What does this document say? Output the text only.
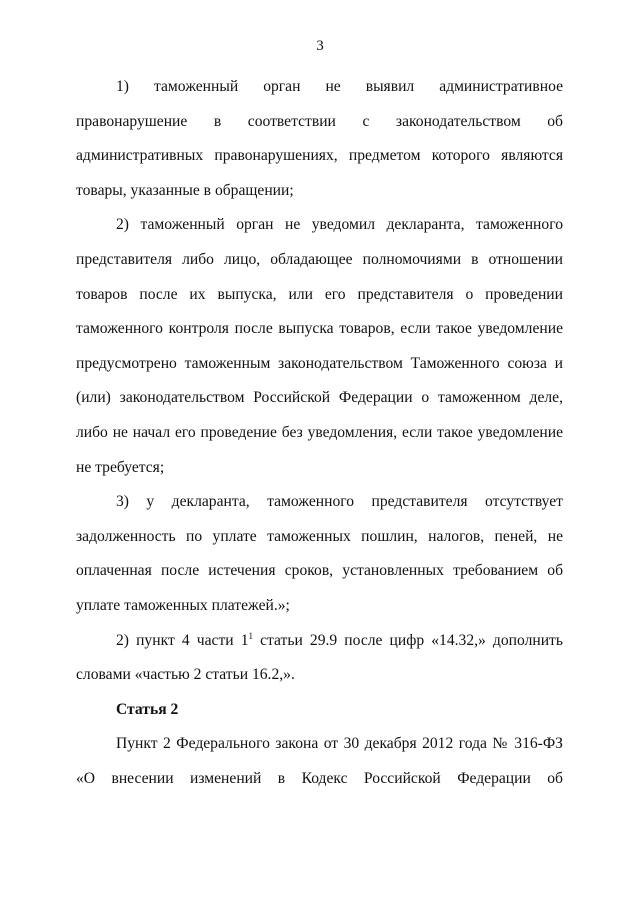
3

1) таможенный орган не выявил административное правонарушение в соответствии с законодательством об административных правонарушениях, предметом которого являются товары, указанные в обращении;

2) таможенный орган не уведомил декларанта, таможенного представителя либо лицо, обладающее полномочиями в отношении товаров после их выпуска, или его представителя о проведении таможенного контроля после выпуска товаров, если такое уведомление предусмотрено таможенным законодательством Таможенного союза и (или) законодательством Российской Федерации о таможенном деле, либо не начал его проведение без уведомления, если такое уведомление не требуется;

3) у декларанта, таможенного представителя отсутствует задолженность по уплате таможенных пошлин, налогов, пеней, не оплаченная после истечения сроков, установленных требованием об уплате таможенных платежей.»;

2) пункт 4 части $1^1$ статьи 29.9 после цифр «14.32,» дополнить словами «частью 2 статьи 16.2,».

Статья 2

Пункт 2 Федерального закона от 30 декабря 2012 года № 316-ФЗ «О внесении изменений в Кодекс Российской Федерации об
